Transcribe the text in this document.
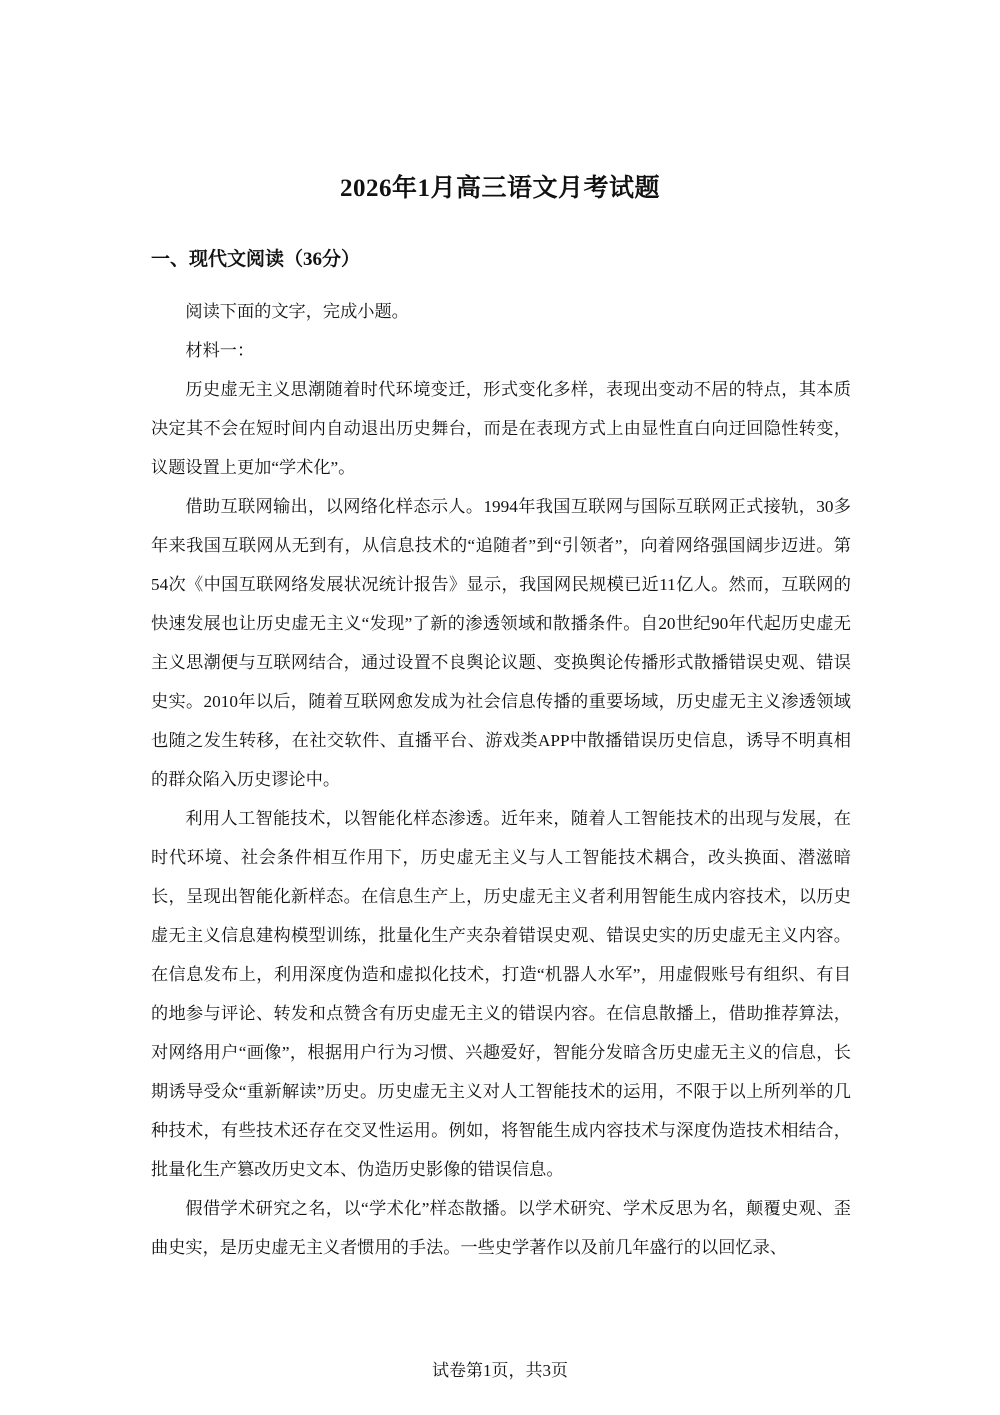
2026年1月高三语文月考试题
一、现代文阅读（36分）

阅读下面的文字，完成小题。

材料一：

历史虚无主义思潮随着时代环境变迁，形式变化多样，表现出变动不居的特点，其本质决定其不会在短时间内自动退出历史舞台，而是在表现方式上由显性直白向迂回隐性转变，议题设置上更加“学术化”。

借助互联网输出，以网络化样态示人。1994年我国互联网与国际互联网正式接轨，30多年来我国互联网从无到有，从信息技术的“追随者”到“引领者”，向着网络强国阔步迈进。第54次《中国互联网络发展状况统计报告》显示，我国网民规模已近11亿人。然而，互联网的快速发展也让历史虚无主义“发现”了新的渗透领域和散播条件。自20世纪90年代起历史虚无主义思潮便与互联网结合，通过设置不良舆论议题、变换舆论传播形式散播错误史观、错误史实。2010年以后，随着互联网愈发成为社会信息传播的重要场域，历史虚无主义渗透领域也随之发生转移，在社交软件、直播平台、游戏类APP中散播错误历史信息，诱导不明真相的群众陷入历史谬论中。

利用人工智能技术，以智能化样态渗透。近年来，随着人工智能技术的出现与发展，在时代环境、社会条件相互作用下，历史虚无主义与人工智能技术耦合，改头换面、潜滋暗长，呈现出智能化新样态。在信息生产上，历史虚无主义者利用智能生成内容技术，以历史虚无主义信息建构模型训练，批量化生产夹杂着错误史观、错误史实的历史虚无主义内容。在信息发布上，利用深度伪造和虚拟化技术，打造“机器人水军”，用虚假账号有组织、有目的地参与评论、转发和点赞含有历史虚无主义的错误内容。在信息散播上，借助推荐算法，对网络用户“画像”，根据用户行为习惯、兴趣爱好，智能分发暗含历史虚无主义的信息，长期诱导受众“重新解读”历史。历史虚无主义对人工智能技术的运用，不限于以上所列举的几种技术，有些技术还存在交叉性运用。例如，将智能生成内容技术与深度伪造技术相结合，批量化生产篡改历史文本、伪造历史影像的错误信息。

假借学术研究之名，以“学术化”样态散播。以学术研究、学术反思为名，颠覆史观、歪曲史实，是历史虚无主义者惯用的手法。一些史学著作以及前几年盛行的以回忆录、

试卷第1页，共3页
